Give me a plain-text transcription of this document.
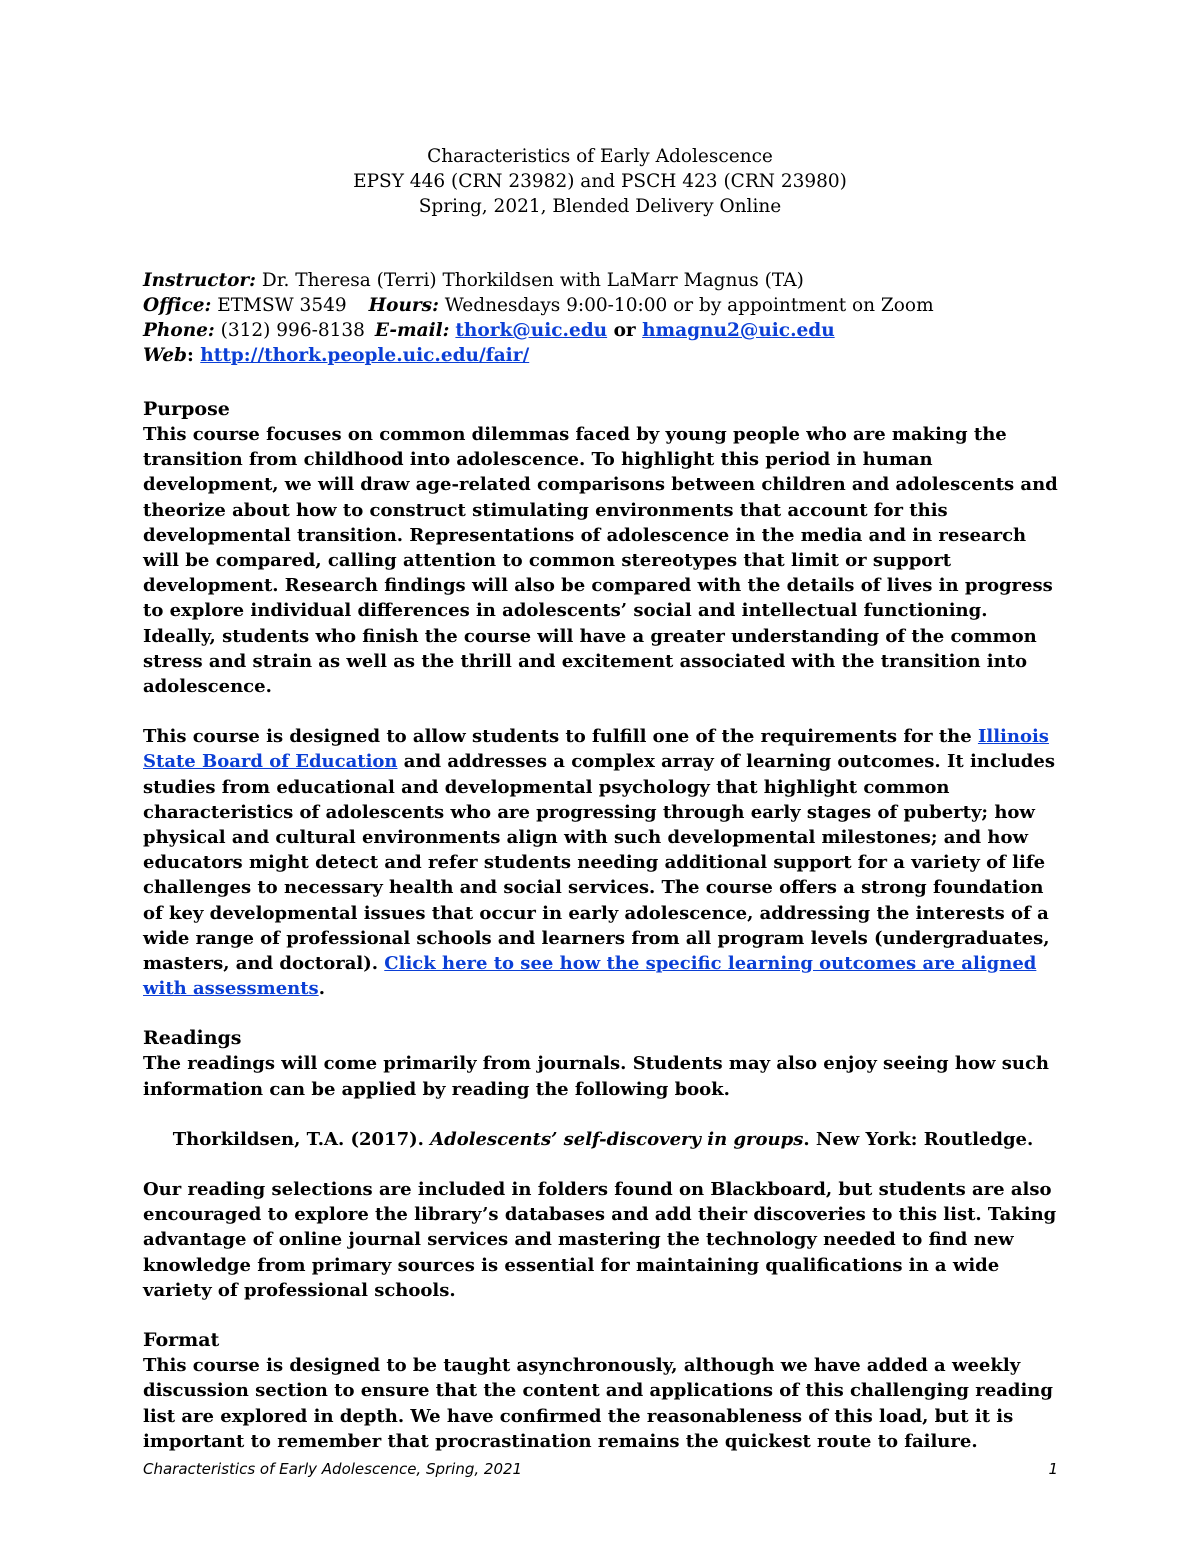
Characteristics of Early Adolescence
EPSY 446 (CRN 23982) and PSCH 423 (CRN 23980)
Spring, 2021, Blended Delivery Online
Instructor: Dr. Theresa (Terri) Thorkildsen with LaMarr Magnus (TA)
Office: ETMSW 3549 Hours: Wednesdays 9:00-10:00 or by appointment on Zoom
Phone: (312) 996-8138 E-mail: thork@uic.edu or hmagnu2@uic.edu
Web: http://thork.people.uic.edu/fair/
Purpose

This course focuses on common dilemmas faced by young people who are making the transition from childhood into adolescence. To highlight this period in human development, we will draw age-related comparisons between children and adolescents and theorize about how to construct stimulating environments that account for this developmental transition. Representations of adolescence in the media and in research will be compared, calling attention to common stereotypes that limit or support development. Research findings will also be compared with the details of lives in progress to explore individual differences in adolescents’ social and intellectual functioning. Ideally, students who finish the course will have a greater understanding of the common stress and strain as well as the thrill and excitement associated with the transition into adolescence.

This course is designed to allow students to fulfill one of the requirements for the Illinois State Board of Education and addresses a complex array of learning outcomes. It includes studies from educational and developmental psychology that highlight common characteristics of adolescents who are progressing through early stages of puberty; how physical and cultural environments align with such developmental milestones; and how educators might detect and refer students needing additional support for a variety of life challenges to necessary health and social services. The course offers a strong foundation of key developmental issues that occur in early adolescence, addressing the interests of a wide range of professional schools and learners from all program levels (undergraduates, masters, and doctoral). Click here to see how the specific learning outcomes are aligned with assessments.

Readings

The readings will come primarily from journals. Students may also enjoy seeing how such information can be applied by reading the following book.

Thorkildsen, T.A. (2017). Adolescents’ self-discovery in groups. New York: Routledge.

Our reading selections are included in folders found on Blackboard, but students are also encouraged to explore the library’s databases and add their discoveries to this list. Taking advantage of online journal services and mastering the technology needed to find new knowledge from primary sources is essential for maintaining qualifications in a wide variety of professional schools.

Format

This course is designed to be taught asynchronously, although we have added a weekly discussion section to ensure that the content and applications of this challenging reading list are explored in depth. We have confirmed the reasonableness of this load, but it is important to remember that procrastination remains the quickest route to failure.

Characteristics of Early Adolescence, Spring, 2021	1
